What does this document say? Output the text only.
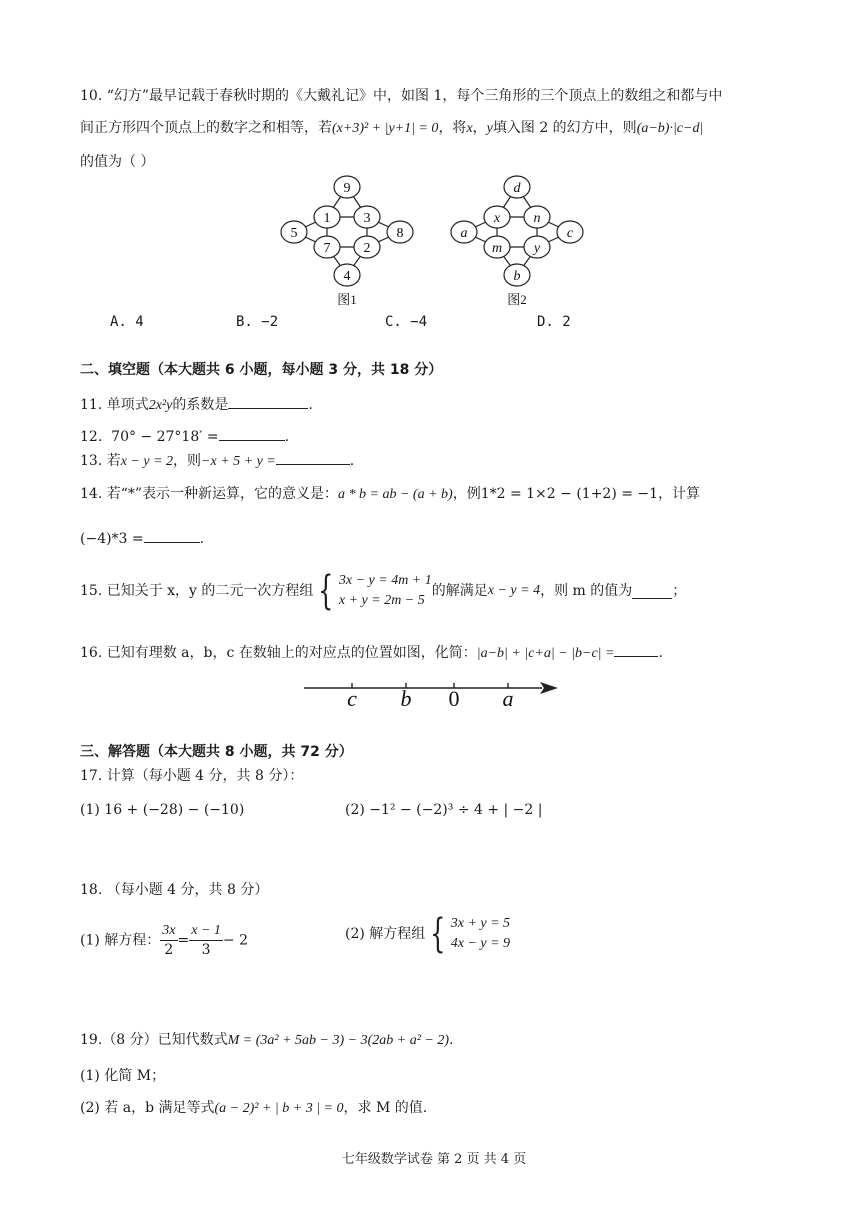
10. “幻方”最早记载于春秋时期的《大戴礼记》中，如图 1，每个三角形的三个顶点上的数组之和都与中
间正方形四个顶点上的数字之和相等，若(x+3)² + |y+1| = 0，将x，y填入图 2 的幻方中，则(a−b)·|c−d|
的值为（ ）
9
1 3
7 2
5	8
4
图1
d
x n
m y
a	c
b
图2
A. 4	B. −2	C. −4	D. 2
二、填空题（本大题共 6 小题，每小题 3 分，共 18 分）
11. 单项式2x²y的系数是	.
12. 70° − 27°18′ =	.
13. 若x − y = 2，则−x + 5 + y =	.
14. 若“*”表示一种新运算，它的意义是：a * b = ab − (a + b)，例1*2 = 1×2 − (1+2) = −1，计算
(−4)*3 =	.
15. 已知关于 x，y 的二元一次方程组 { 3x − y = 4m + 1
x + y = 2m − 5
的解满足x − y = 4，则 m 的值为	；
16. 已知有理数 a，b，c 在数轴上的对应点的位置如图，化简：|a−b| + |c+a| − |b−c| =	.
c b 0 a
三、解答题（本大题共 8 小题，共 72 分）
17. 计算（每小题 4 分，共 8 分）：
(1) 16 + (−28) − (−10)	(2) −1² − (−2)³ ÷ 4 + | −2 |
18. （每小题 4 分，共 8 分）
(1) 解方程： $\frac{3x}{2} = \frac{x - 1}{3} - 2$	(2) 解方程组 { 3x + y = 5
4x − y = 9
19.（8 分）已知代数式M = (3a² + 5ab − 3) − 3(2ab + a² − 2).
(1) 化简 M；
(2) 若 a，b 满足等式(a − 2)² + | b + 3 | = 0，求 M 的值.
七年级数学试卷 第 2 页 共 4 页
